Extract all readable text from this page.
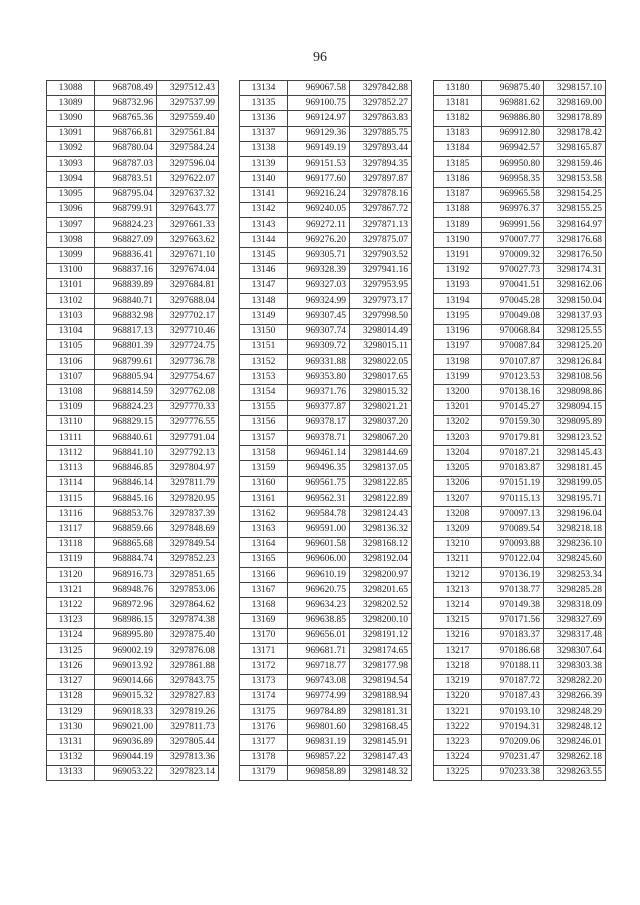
96
13088	968708.49	3297512.43
13089	968732.96	3297537.99
13090	968765.36	3297559.40
13091	968766.81	3297561.84
13092	968780.04	3297584.24
13093	968787.03	3297596.04
13094	968783.51	3297622.07
13095	968795.04	3297637.32
13096	968799.91	3297643.77
13097	968824.23	3297661.33
13098	968827.09	3297663.62
13099	968836.41	3297671.10
13100	968837.16	3297674.04
13101	968839.89	3297684.81
13102	968840.71	3297688.04
13103	968832.98	3297702.17
13104	968817.13	3297710.46
13105	968801.39	3297724.75
13106	968799.61	3297736.78
13107	968805.94	3297754.67
13108	968814.59	3297762.08
13109	968824.23	3297770.33
13110	968829.15	3297776.55
13111	968840.61	3297791.04
13112	968841.10	3297792.13
13113	968846.85	3297804.97
13114	968846.14	3297811.79
13115	968845.16	3297820.95
13116	968853.76	3297837.39
13117	968859.66	3297848.69
13118	968865.68	3297849.54
13119	968884.74	3297852.23
13120	968916.73	3297851.65
13121	968948.76	3297853.06
13122	968972.96	3297864.62
13123	968986.15	3297874.38
13124	968995.80	3297875.40
13125	969002.19	3297876.08
13126	969013.92	3297861.88
13127	969014.66	3297843.75
13128	969015.32	3297827.83
13129	969018.33	3297819.26
13130	969021.00	3297811.73
13131	969036.89	3297805.44
13132	969044.19	3297813.36
13133	969053.22	3297823.14
13134	969067.58	3297842.88
13135	969100.75	3297852.27
13136	969124.97	3297863.83
13137	969129.36	3297885.75
13138	969149.19	3297893.44
13139	969151.53	3297894.35
13140	969177.60	3297897.87
13141	969216.24	3297878.16
13142	969240.05	3297867.72
13143	969272.11	3297871.13
13144	969276.20	3297875.07
13145	969305.71	3297903.52
13146	969328.39	3297941.16
13147	969327.03	3297953.95
13148	969324.99	3297973.17
13149	969307.45	3297998.50
13150	969307.74	3298014.49
13151	969309.72	3298015.11
13152	969331.88	3298022.05
13153	969353.80	3298017.65
13154	969371.76	3298015.32
13155	969377.87	3298021.21
13156	969378.17	3298037.20
13157	969378.71	3298067.20
13158	969461.14	3298144.69
13159	969496.35	3298137.05
13160	969561.75	3298122.85
13161	969562.31	3298122.89
13162	969584.78	3298124.43
13163	969591.00	3298136.32
13164	969601.58	3298168.12
13165	969606.00	3298192.04
13166	969610.19	3298200.97
13167	969620.75	3298201.65
13168	969634.23	3298202.52
13169	969638.85	3298200.10
13170	969656.01	3298191.12
13171	969681.71	3298174.65
13172	969718.77	3298177.98
13173	969743.08	3298194.54
13174	969774.99	3298188.94
13175	969784.89	3298181.31
13176	969801.60	3298168.45
13177	969831.19	3298145.91
13178	969857.22	3298147.43
13179	969858.89	3298148.32
13180	969875.40	3298157.10
13181	969881.62	3298169.00
13182	969886.80	3298178.89
13183	969912.80	3298178.42
13184	969942.57	3298165.87
13185	969950.80	3298159.46
13186	969958.35	3298153.58
13187	969965.58	3298154.25
13188	969976.37	3298155.25
13189	969991.56	3298164.97
13190	970007.77	3298176.68
13191	970009.32	3298176.50
13192	970027.73	3298174.31
13193	970041.51	3298162.06
13194	970045.28	3298150.04
13195	970049.08	3298137.93
13196	970068.84	3298125.55
13197	970087.84	3298125.20
13198	970107.87	3298126.84
13199	970123.53	3298108.56
13200	970138.16	3298098.86
13201	970145.27	3298094.15
13202	970159.30	3298095.89
13203	970179.81	3298123.52
13204	970187.21	3298145.43
13205	970183.87	3298181.45
13206	970151.19	3298199.05
13207	970115.13	3298195.71
13208	970097.13	3298196.04
13209	970089.54	3298218.18
13210	970093.88	3298236.10
13211	970122.04	3298245.60
13212	970136.19	3298253.34
13213	970138.77	3298285.28
13214	970149.38	3298318.09
13215	970171.56	3298327.69
13216	970183.37	3298317.48
13217	970186.68	3298307.64
13218	970188.11	3298303.38
13219	970187.72	3298282.20
13220	970187.43	3298266.39
13221	970193.10	3298248.29
13222	970194.31	3298248.12
13223	970209.06	3298246.01
13224	970231.47	3298262.18
13225	970233.38	3298263.55
